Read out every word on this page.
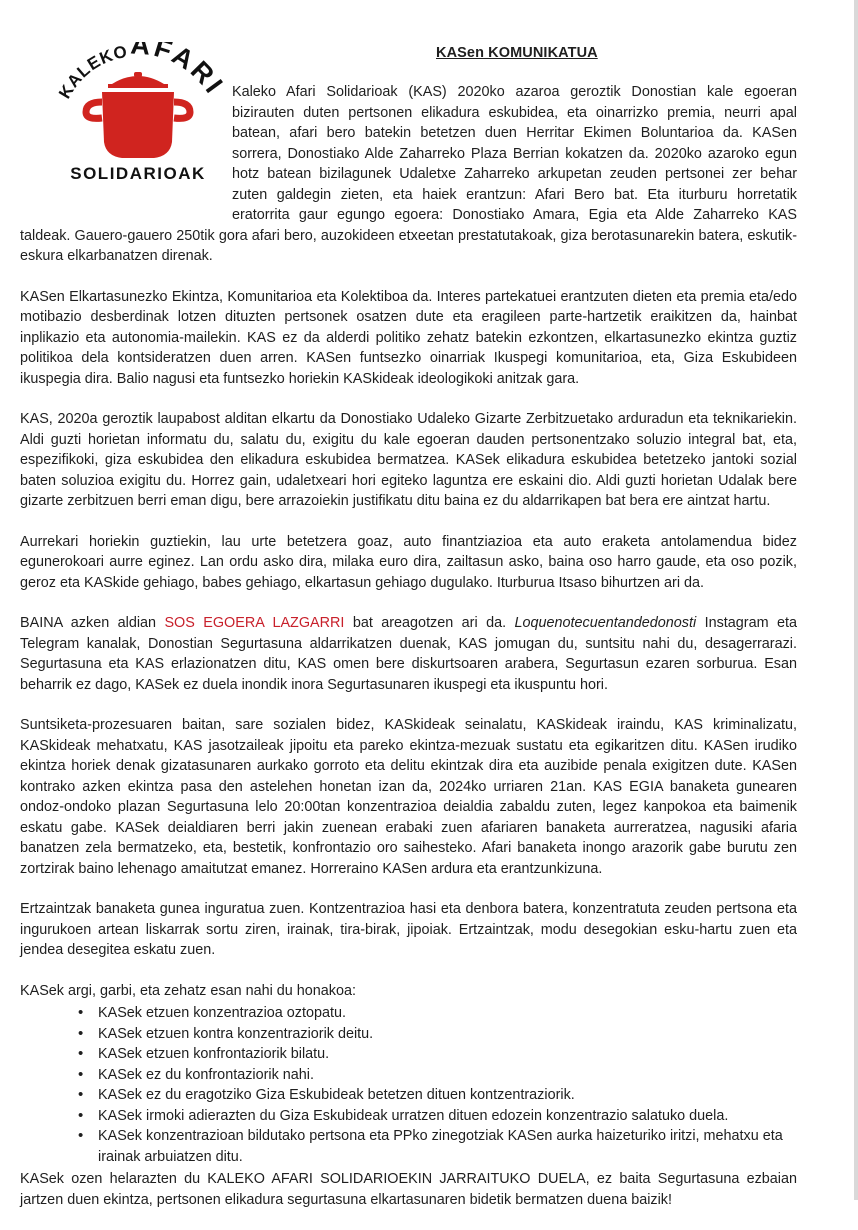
KALEKO AFAR
SOLIDARIOAK
KASen KOMUNIKATUA

Kaleko Afari Solidarioak (KAS) 2020ko azaroa geroztik Donostian kale egoeran bizirauten duten pertsonen elikadura eskubidea, eta oinarrizko premia, neurri apal batean, afari bero batekin betetzen duen Herritar Ekimen Boluntarioa da. KASen sorrera, Donostiako Alde Zaharreko Plaza Berrian kokatzen da. 2020ko azaroko egun hotz batean bizilagunek Udaletxe Zaharreko arkupetan zeuden pertsonei zer behar zuten galdegin zieten, eta haiek erantzun: Afari Bero bat. Eta iturburu horretatik eratorrita gaur egungo egoera: Donostiako Amara, Egia eta Alde Zaharreko KAS taldeak. Gauero-gauero 250tik gora afari bero, auzokideen etxeetan prestatutakoak, giza berotasunarekin batera, eskutik-eskura elkarbanatzen direnak.

KASen Elkartasunezko Ekintza, Komunitarioa eta Kolektiboa da. Interes partekatuei erantzuten dieten eta premia eta/edo motibazio desberdinak lotzen dituzten pertsonek osatzen dute eta eragileen parte-hartzetik eraikitzen da, hainbat inplikazio eta autonomia-mailekin. KAS ez da alderdi politiko zehatz batekin ezkontzen, elkartasunezko ekintza guztiz politikoa dela kontsideratzen duen arren. KASen funtsezko oinarriak Ikuspegi komunitarioa, eta, Giza Eskubideen ikuspegia dira. Balio nagusi eta funtsezko horiekin KASkideak ideologikoki anitzak gara.

KAS, 2020a geroztik laupabost alditan elkartu da Donostiako Udaleko Gizarte Zerbitzuetako arduradun eta teknikariekin. Aldi guzti horietan informatu du, salatu du, exigitu du kale egoeran dauden pertsonentzako soluzio integral bat, eta, espezifikoki, giza eskubidea den elikadura eskubidea bermatzea. KASek elikadura eskubidea betetzeko jantoki sozial baten soluzioa exigitu du. Horrez gain, udaletxeari hori egiteko laguntza ere eskaini dio. Aldi guzti horietan Udalak bere gizarte zerbitzuen berri eman digu, bere arrazoiekin justifikatu ditu baina ez du aldarrikapen bat bera ere aintzat hartu.

Aurrekari horiekin guztiekin, lau urte betetzera goaz, auto finantziazioa eta auto eraketa antolamendua bidez egunerokoari aurre eginez. Lan ordu asko dira, milaka euro dira, zailtasun asko, baina oso harro gaude, eta oso pozik, geroz eta KASkide gehiago, babes gehiago, elkartasun gehiago dugulako. Iturburua Itsaso bihurtzen ari da.

BAINA azken aldian SOS EGOERA LAZGARRI bat areagotzen ari da. Loquenotecuentandedonosti Instagram eta Telegram kanalak, Donostian Segurtasuna aldarrikatzen duenak, KAS jomugan du, suntsitu nahi du, desagerrarazi. Segurtasuna eta KAS erlazionatzen ditu, KAS omen bere diskurtsoaren arabera, Segurtasun ezaren sorburua. Esan beharrik ez dago, KASek ez duela inondik inora Segurtasunaren ikuspegi eta ikuspuntu hori.

Suntsiketa-prozesuaren baitan, sare sozialen bidez, KASkideak seinalatu, KASkideak iraindu, KAS kriminalizatu, KASkideak mehatxatu, KAS jasotzaileak jipoitu eta pareko ekintza-mezuak sustatu eta egikaritzen ditu. KASen irudiko ekintza horiek denak gizatasunaren aurkako gorroto eta delitu ekintzak dira eta auzibide penala exigitzen dute. KASen kontrako azken ekintza pasa den astelehen honetan izan da, 2024ko urriaren 21an. KAS EGIA banaketa gunearen ondoz-ondoko plazan Segurtasuna lelo 20:00tan konzentrazioa deialdia zabaldu zuten, legez kanpokoa eta baimenik eskatu gabe. KASek deialdiaren berri jakin zuenean erabaki zuen afariaren banaketa aurreratzea, nagusiki afaria banatzen zela bermatzeko, eta, bestetik, konfrontazio oro saihesteko. Afari banaketa inongo arazorik gabe burutu zen zortzirak baino lehenago amaitutzat emanez. Horreraino KASen ardura eta erantzunkizuna.

Ertzaintzak banaketa gunea inguratua zuen. Kontzentrazioa hasi eta denbora batera, konzentratuta zeuden pertsona eta ingurukoen artean liskarrak sortu ziren, irainak, tira-birak, jipoiak. Ertzaintzak, modu desegokian esku-hartu zuen eta jendea desegitea eskatu zuen.

KASek argi, garbi, eta zehatz esan nahi du honakoa:

• KASek etzuen konzentrazioa oztopatu.
• KASek etzuen kontra konzentraziorik deitu.
• KASek etzuen konfrontaziorik bilatu.
• KASek ez du konfrontaziorik nahi.
• KASek ez du eragotziko Giza Eskubideak betetzen dituen kontzentraziorik.
• KASek irmoki adierazten du Giza Eskubideak urratzen dituen edozein konzentrazio salatuko duela.
• KASek konzentrazioan bildutako pertsona eta PPko zinegotziak KASen aurka haizeturiko iritzi, mehatxu eta irainak arbuiatzen ditu.

KASek ozen helarazten du KALEKO AFARI SOLIDARIOEKIN JARRAITUKO DUELA, ez baita Segurtasuna ezbaian jartzen duen ekintza, pertsonen elikadura segurtasuna elkartasunaren bidetik bermatzen duena baizik!
